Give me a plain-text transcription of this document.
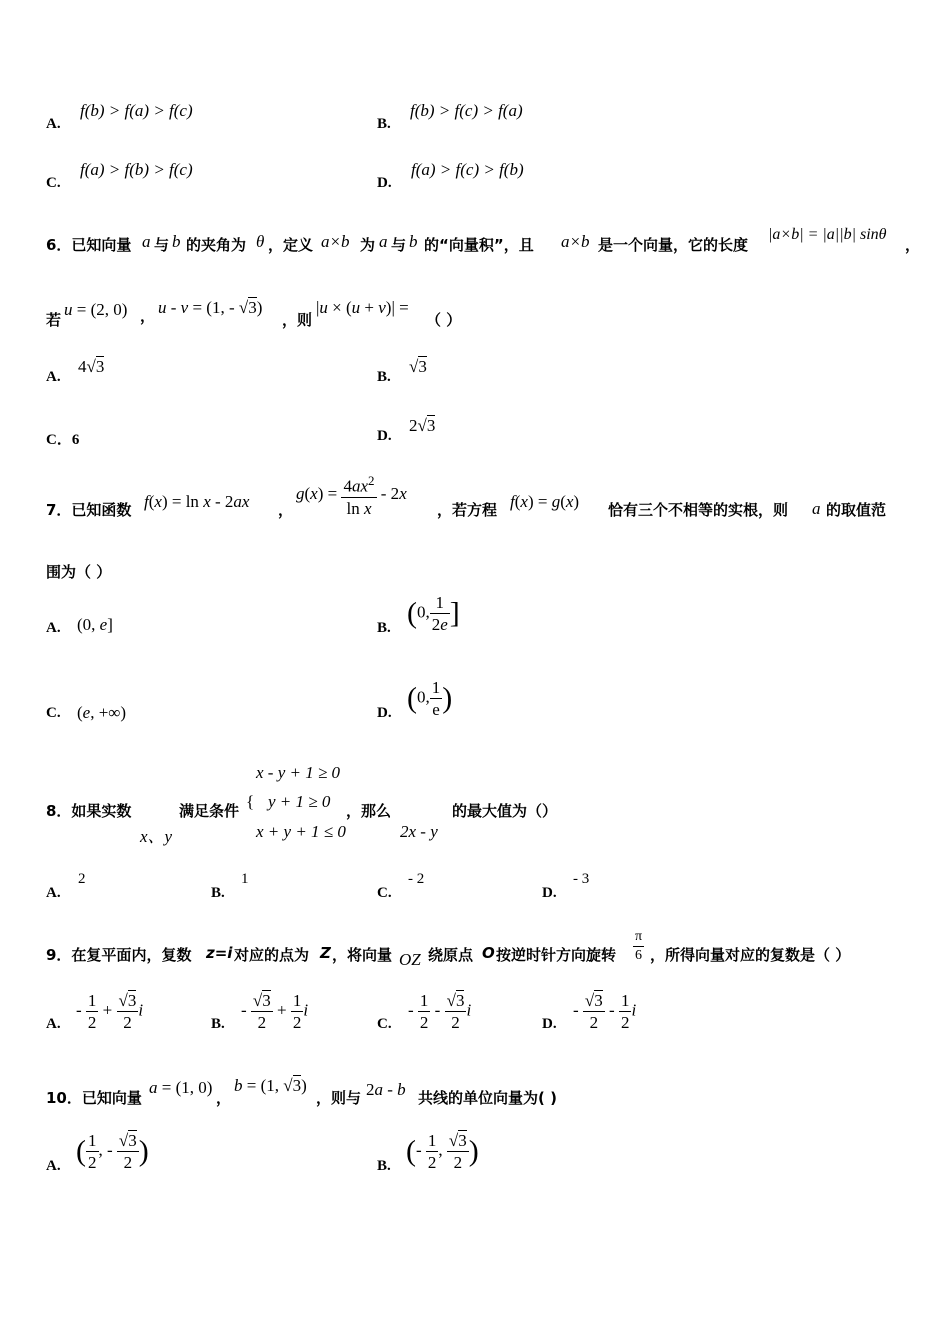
A.
f(b) > f(a) > f(c)
B.
f(b) > f(c) > f(a)
C.
f(a) > f(b) > f(c)
D.
f(a) > f(c) > f(b)
6．已知向量 a 与 b 的夹角为 θ ，定义 a×b 为 a 与 b 的“向量积”，且 a×b 是一个向量，它的长度
|a×b| = |a||b| sinθ
，
若
u = (2, 0) ， u - v = (1, - √3)
，则
|u × (u + v)| =
（ ）
A.
4√3
B.
√3
C．6	D.
2√3
7．已知函数 f(x) = ln x - 2ax ，
$g(x) = \frac{4ax^2}{\text{ln x}} - 2x$
，若方程 f(x) = g(x) 恰有三个不相等的实根，则 a 的取值范
围为（ ）
A. (0, e]	B. (0, $\frac{1}{2e}$ ]
C. (e, +∞)	D. (0, $\frac{1}{e}$ )
8．如果实数
x、y
满足条件 {
x - y + 1 ≥ 0
y + 1 ≥ 0
x + y + 1 ≤ 0
，那么
2x - y
的最大值为（）
A.
2
B.
1
C.
- 2
D.
- 3
9．在复平面内，复数 z=i 对应的点为 Z ，将向量 OZ 绕原点 O 按逆时针方向旋转 $\frac{\pi}{6}$ ，所得向量对应的复数是（ ）
A.
- $\frac{1}{2} + \frac{√3}{2}$ i
B.
- $\frac{√3}{2} + \frac{1}{2}$ i
C.
- $\frac{1}{2} - \frac{√3}{2}$ i
D.
- $\frac{√3}{2} - \frac{1}{2}$ i
10．已知向量
a = (1, 0)
，
b = (1, √3)
，则与 2a - b 共线的单位向量为( )
A. ( $\frac{1}{2}$ , - $\frac{√3}{2}$ )	B. (- $\frac{1}{2}$ , $\frac{√3}{2}$ )
